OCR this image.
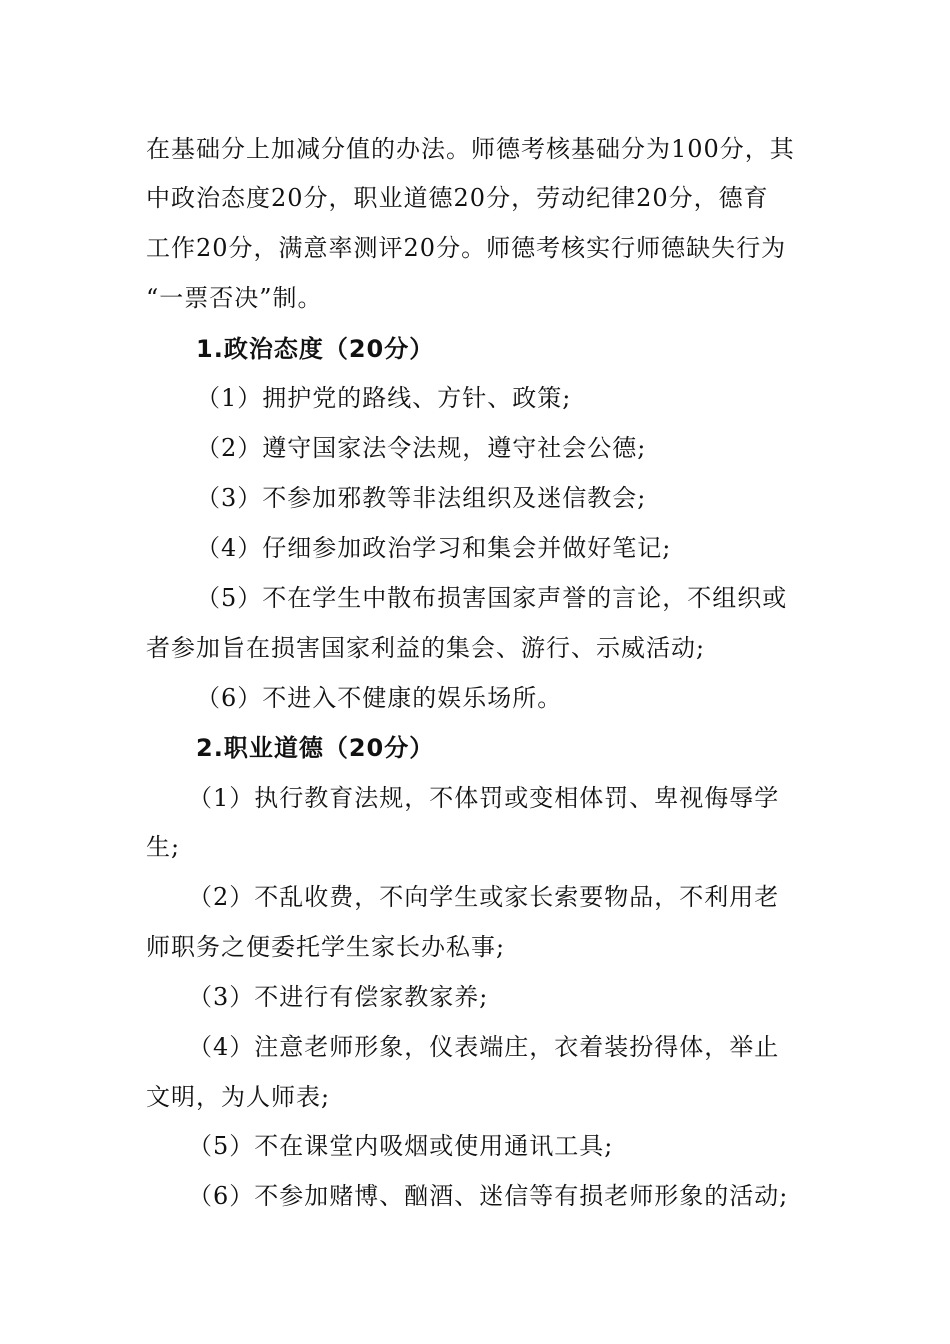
在基础分上加减分值的办法。师德考核基础分为100分，其
中政治态度20分，职业道德20分，劳动纪律20分，德育
工作20分，满意率测评20分。师德考核实行师德缺失行为
“一票否决”制。
1.政治态度（20分）
（1）拥护党的路线、方针、政策;
（2）遵守国家法令法规，遵守社会公德;
（3）不参加邪教等非法组织及迷信教会;
（4）仔细参加政治学习和集会并做好笔记;
（5）不在学生中散布损害国家声誉的言论，不组织或
者参加旨在损害国家利益的集会、游行、示威活动;
（6）不进入不健康的娱乐场所。
2.职业道德（20分）
（1）执行教育法规，不体罚或变相体罚、卑视侮辱学
生;
（2）不乱收费，不向学生或家长索要物品，不利用老
师职务之便委托学生家长办私事;
（3）不进行有偿家教家养;
（4）注意老师形象，仪表端庄，衣着装扮得体，举止
文明，为人师表;
（5）不在课堂内吸烟或使用通讯工具;
（6）不参加赌博、酗酒、迷信等有损老师形象的活动;
